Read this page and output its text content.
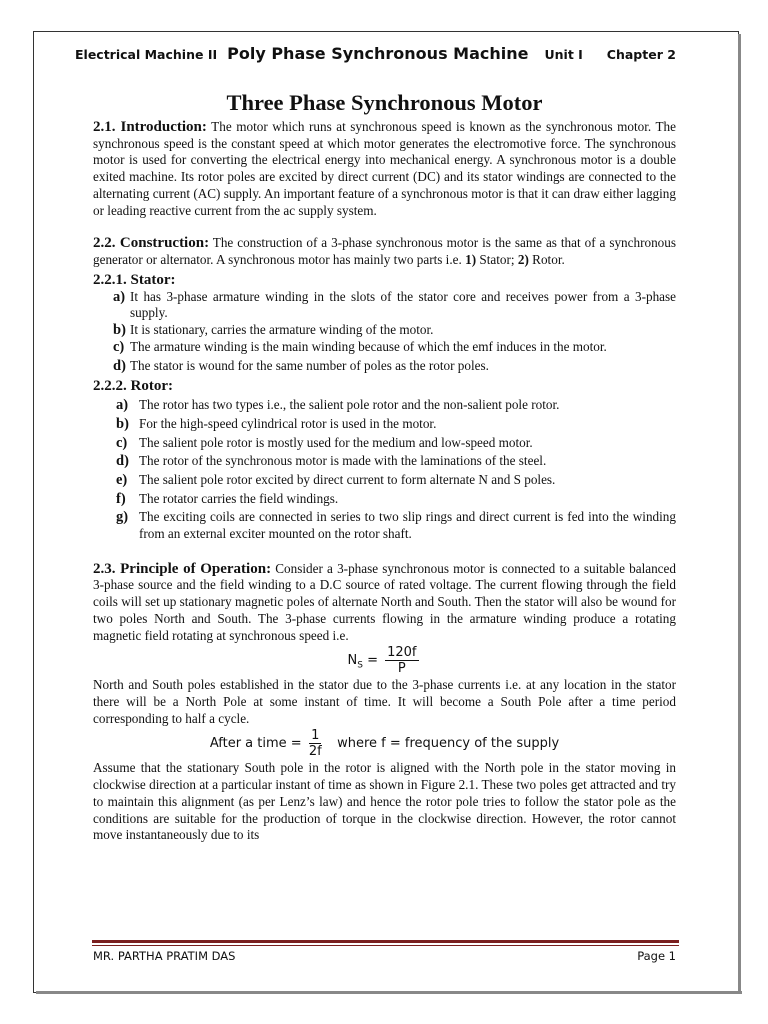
Electrical Machine II Poly Phase Synchronous Machine Unit I Chapter 2
Three Phase Synchronous Motor

2.1. Introduction: The motor which runs at synchronous speed is known as the synchronous motor. The synchronous speed is the constant speed at which motor generates the electromotive force. The synchronous motor is used for converting the electrical energy into mechanical energy. A synchronous motor is a double exited machine. Its rotor poles are excited by direct current (DC) and its stator windings are connected to the alternating current (AC) supply. An important feature of a synchronous motor is that it can draw either lagging or leading reactive current from the ac supply system.

2.2. Construction: The construction of a 3-phase synchronous motor is the same as that of a synchronous generator or alternator. A synchronous motor has mainly two parts i.e. 1) Stator; 2) Rotor.

2.2.1. Stator:
a) It has 3-phase armature winding in the slots of the stator core and receives power from a 3-phase supply.
b) It is stationary, carries the armature winding of the motor.
c) The armature winding is the main winding because of which the emf induces in the motor.
d) The stator is wound for the same number of poles as the rotor poles.
2.2.2. Rotor:
a) The rotor has two types i.e., the salient pole rotor and the non-salient pole rotor.
b) For the high-speed cylindrical rotor is used in the motor.
c) The salient pole rotor is mostly used for the medium and low-speed motor.
d) The rotor of the synchronous motor is made with the laminations of the steel.
e) The salient pole rotor excited by direct current to form alternate N and S poles.
f)	The rotator carries the field windings.
g) The exciting coils are connected in series to two slip rings and direct current is fed into the winding from an external exciter mounted on the rotor shaft.

2.3. Principle of Operation: Consider a 3-phase synchronous motor is connected to a suitable balanced 3-phase source and the field winding to a D.C source of rated voltage. The current flowing through the field coils will set up stationary magnetic poles of alternate North and South. Then the stator will also be wound for two poles North and South. The 3-phase currents flowing in the armature winding produce a rotating magnetic field rotating at synchronous speed i.e.

$N_S = \frac{120f}{P}$

North and South poles established in the stator due to the 3-phase currents i.e. at any location in the stator there will be a North Pole at some instant of time. It will become a South Pole after a time period corresponding to half a cycle.

After a time = $\frac{1}{2f}$ where f = frequency of the supply

Assume that the stationary South pole in the rotor is aligned with the North pole in the stator moving in clockwise direction at a particular instant of time as shown in Figure 2.1. These two poles get attracted and try to maintain this alignment (as per Lenz’s law) and hence the rotor pole tries to follow the stator pole as the conditions are suitable for the production of torque in the clockwise direction. However, the rotor cannot move instantaneously due to its

MR. PARTHA PRATIM DAS	Page 1
